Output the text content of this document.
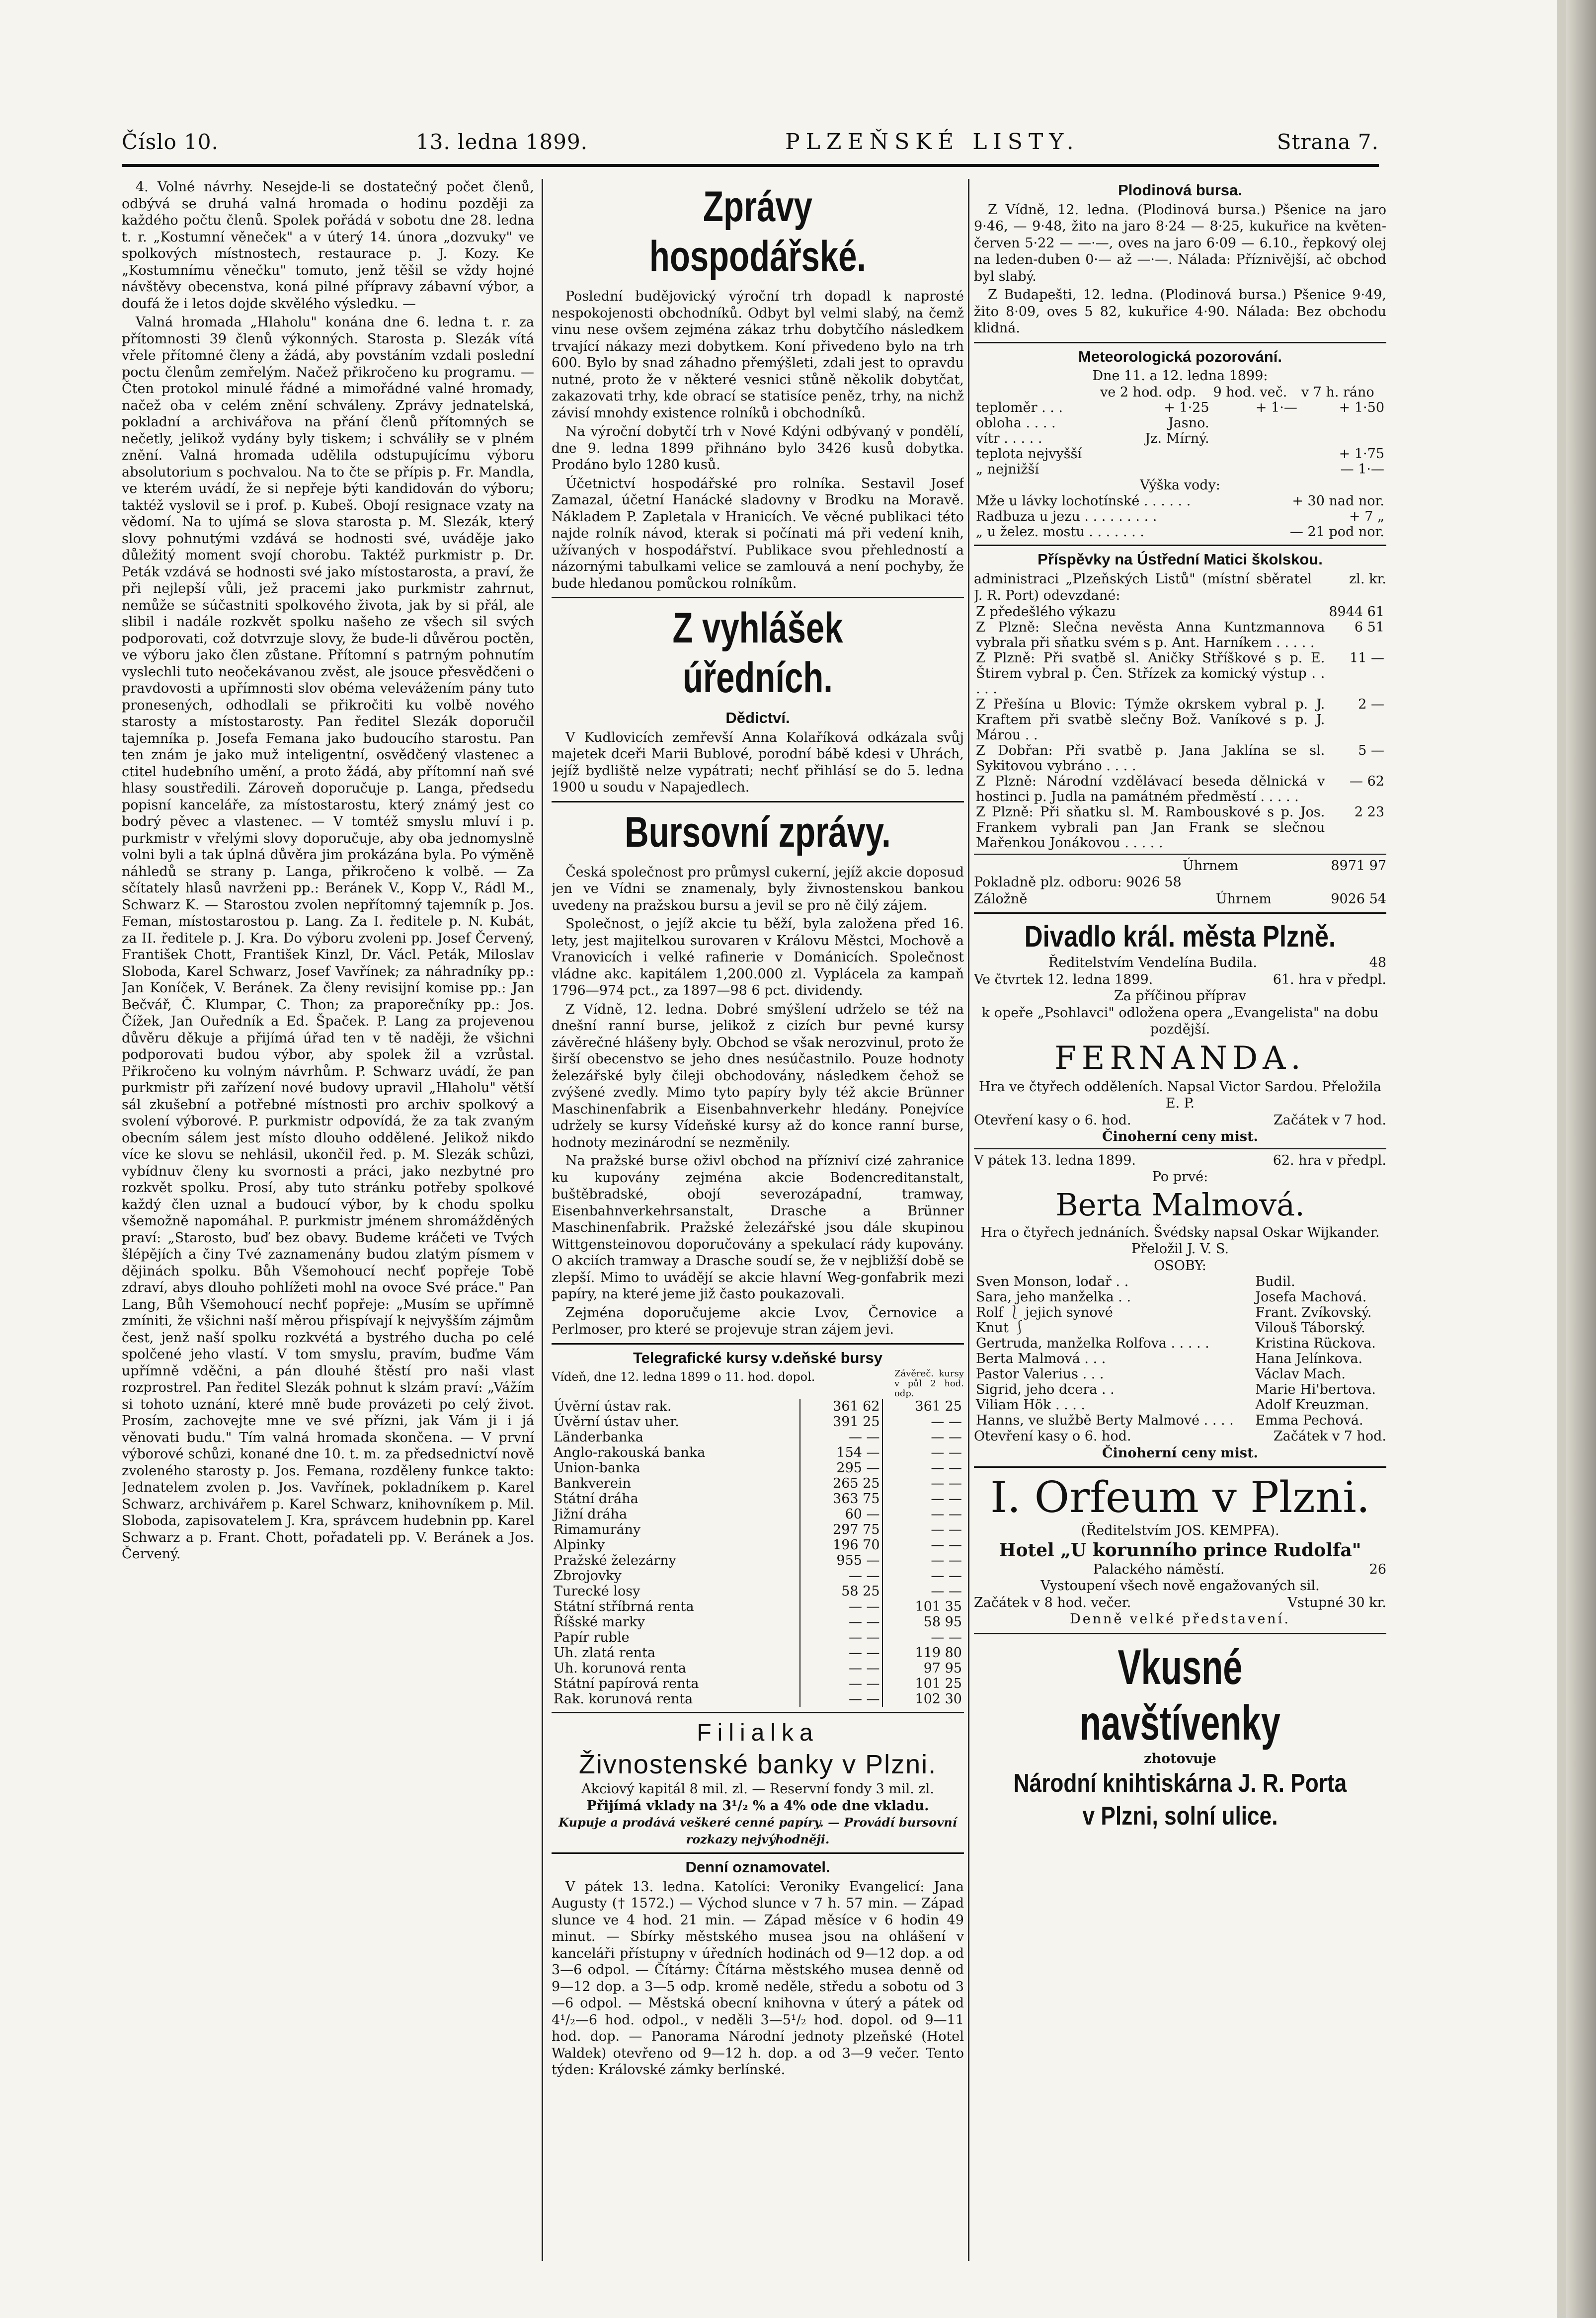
Číslo 10.	13. ledna 1899.	PLZEŇSKÉ LISTY.	Strana 7.

4. Volné návrhy. Nesejde-li se dostatečný počet členů, odbývá se druhá valná hromada o hodinu později za každého počtu členů. Spolek pořádá v sobotu dne 28. ledna t. r. „Kostumní věneček" a v úterý 14. února „dozvuky" ve spolkových místnostech, restaurace p. J. Kozy. Ke „Kostumnímu věnečku" tomuto, jenž těšil se vždy hojné návštěvy obecenstva, koná pilné přípravy zábavní výbor, a doufá že i letos dojde skvělého výsledku. —

Valná hromada „Hlaholu" konána dne 6. ledna t. r. za přítomnosti 39 členů výkonných. Starosta p. Slezák vítá vřele přítomné členy a žádá, aby povstáním vzdali poslední poctu členům zemřelým. Načež přikročeno ku programu. — Čten protokol minulé řádné a mimořádné valné hromady, načež oba v celém znění schváleny. Zprávy jednatelská, pokladní a archivářova na přání členů přítomných se nečetly, jelikož vydány byly tiskem; i schváliły se v plném znění. Valná hromada udělila odstupujícímu výboru absolutorium s pochvalou. Na to čte se přípis p. Fr. Mandla, ve kterém uvádí, že si nepřeje býti kandidován do výboru; taktéž vyslovil se i prof. p. Kubeš. Obojí resignace vzaty na vědomí. Na to ujímá se slova starosta p. M. Slezák, který slovy pohnutými vzdává se hodnosti své, uváděje jako důležitý moment svojí chorobu. Taktéž purkmistr p. Dr. Peták vzdává se hodnosti své jako místostarosta, a praví, že při nejlepší vůli, jež pracemi jako purkmistr zahrnut, nemůže se súčastniti spolkového života, jak by si přál, ale slibil i nadále rozkvět spolku našeho ze všech sil svých podporovati, což dotvrzuje slovy, že bude-li důvěrou poctěn, ve výboru jako člen zůstane. Přítomní s patrným pohnutím vyslechli tuto neočekávanou zvěst, ale jsouce přesvědčeni o pravdovosti a upřímnosti slov obéma velevážením pány tuto pronesených, odhodlali se přikročiti ku volbě nového starosty a místostarosty. Pan ředitel Slezák doporučil tajemníka p. Josefa Femana jako budoucího starostu. Pan ten znám je jako muž inteligentní, osvědčený vlastenec a ctitel hudebního umění, a proto žádá, aby přítomní naň své hlasy soustředili. Zároveň doporučuje p. Langa, předsedu popisní kanceláře, za místostarostu, který známý jest co bodrý pěvec a vlastenec. — V tomtéž smyslu mluví i p. purkmistr v vřelými slovy doporučuje, aby oba jednomyslně volni byli a tak úplná důvěra jim prokázána byla. Po výměně náhledů se strany p. Langa, přikročeno k volbě. — Za sčítately hlasů navrženi pp.: Beránek V., Kopp V., Rádl M., Schwarz K. — Starostou zvolen nepřítomný tajemník p. Jos. Feman, místostarostou p. Lang. Za I. ředitele p. N. Kubát, za II. ředitele p. J. Kra. Do výboru zvoleni pp. Josef Červený, František Chott, František Kinzl, Dr. Václ. Peták, Miloslav Sloboda, Karel Schwarz, Josef Vavřínek; za náhradníky pp.: Jan Koníček, V. Beránek. Za členy revisijní komise pp.: Jan Bečvář, Č. Klumpar, C. Thon; za praporečníky pp.: Jos. Čížek, Jan Ouředník a Ed. Špaček. P. Lang za projevenou důvěru děkuje a přijímá úřad ten v tě naději, že všichni podporovati budou výbor, aby spolek žil a vzrůstal. Přikročeno ku volným návrhům. P. Schwarz uvádí, že pan purkmistr při zařízení nové budovy upravil „Hlaholu" větší sál zkušební a potřebné místnosti pro archiv spolkový a svolení výborové. P. purkmistr odpovídá, že za tak zvaným obecním sálem jest místo dlouho oddělené. Jelikož nikdo více ke slovu se nehlásil, ukončil řed. p. M. Slezák schůzi, vybídnuv členy ku svornosti a práci, jako nezbytné pro rozkvět spolku. Prosí, aby tuto stránku potřeby spolkové každý člen uznal a budoucí výbor, by k chodu spolku všemožně napomáhal. P. purkmistr jménem shromážděných praví: „Starosto, buď bez obavy. Budeme kráčeti ve Tvých šlépějích a činy Tvé zaznamenány budou zlatým písmem v dějinách spolku. Bůh Všemohoucí nechť popřeje Tobě zdraví, abys dlouho pohlížeti mohl na ovoce Své práce." Pan Lang, Bůh Všemohoucí nechť popřeje: „Musím se upřímně zmíniti, že všichni naší měrou přispívají k nejvyšším zájmům čest, jenž naší spolku rozkvétá a bystrého ducha po celé spolčené jeho vlastí. V tom smyslu, pravím, buďme Vám upřímně vděčni, a pán dlouhé štěstí pro naši vlast rozprostrel. Pan ředitel Slezák pohnut k slzám praví: „Vážím si tohoto uznání, které mně bude provázeti po celý život. Prosím, zachovejte mne ve své přízni, jak Vám ji i já věnovati budu." Tím valná hromada skončena. — V první výborové schůzi, konané dne 10. t. m. za předsednictví nově zvoleného starosty p. Jos. Femana, rozděleny funkce takto: Jednatelem zvolen p. Jos. Vavřínek, pokladníkem p. Karel Schwarz, archivářem p. Karel Schwarz, knihovníkem p. Mil. Sloboda, zapisovatelem J. Kra, správcem hudebnin pp. Karel Schwarz a p. Frant. Chott, pořadateli pp. V. Beránek a Jos. Červený.

Zprávy hospodářské.

Poslední budějovický výroční trh dopadl k naprosté nespokojenosti obchodníků. Odbyt byl velmi slabý, na čemž vinu nese ovšem zejména zákaz trhu dobytčího následkem trvající nákazy mezi dobytkem. Koní přivedeno bylo na trh 600. Bylo by snad záhadno přemýšleti, zdali jest to opravdu nutné, proto že v některé vesnici stůně několik dobytčat, zakazovati trhy, kde obrací se statisíce peněz, trhy, na nichž závisí mnohdy existence rolníků i obchodníků.

Na výroční dobytčí trh v Nové Kdýni odbývaný v pondělí, dne 9. ledna 1899 přihnáno bylo 3426 kusů dobytka. Prodáno bylo 1280 kusů.

Účetnictví hospodářské pro rolníka. Sestavil Josef Zamazal, účetní Hanácké sladovny v Brodku na Moravě. Nákladem P. Zapletala v Hranicích. Ve věcné publikaci této najde rolník návod, kterak si počínati má při vedení knih, užívaných v hospodářství. Publikace svou přehledností a názornými tabulkami velice se zamlouvá a není pochyby, že bude hledanou pomůckou rolníkům.

Z vyhlášek úředních.
Dědictví.

V Kudlovicích zemřevší Anna Kolaříková odkázala svůj majetek dceři Marii Bublové, porodní bábě kdesi v Uhrách, jejíž bydliště nelze vypátrati; nechť přihlásí se do 5. ledna 1900 u soudu v Napajedlech.

Bursovní zprávy.

Česká společnost pro průmysl cukerní, jejíž akcie doposud jen ve Vídni se znamenaly, byly živnostenskou bankou uvedeny na pražskou bursu a jevil se pro ně čilý zájem.

Společnost, o jejíž akcie tu běží, byla založena před 16. lety, jest majitelkou surovaren v Královu Městci, Mochově a Vranovicích i velké rafinerie v Dománicích. Společnost vládne akc. kapitálem 1,200.000 zl. Vyplácela za kampaň 1796—974 pct., za 1897—98 6 pct. dividendy.

Z Vídně, 12. ledna. Dobré smýšlení udrželo se též na dnešní ranní burse, jelikož z cizích bur pevné kursy závěrečné hlášeny byly. Obchod se však nerozvinul, proto že širší obecenstvo se jeho dnes nesúčastnilo. Pouze hodnoty železářské byly čileji obchodovány, následkem čehož se zvýšené zvedly. Mimo tyto papíry byly též akcie Brünner Maschinenfabrik a Eisenbahnverkehr hledány. Ponejvíce udržely se kursy Vídeňské kursy až do konce ranní burse, hodnoty mezinárodní se nezměnily.

Na pražské burse oživl obchod na přízniví cizé zahranice ku kupovány zejména akcie Bodencreditanstalt, buštěbradské, obojí severozápadní, tramway, Eisenbahnverkehrsanstalt, Drasche a Brünner Maschinenfabrik. Pražské železářské jsou dále skupinou Wittgensteinovou doporučovány a spekulací rády kupovány. O akciích tramway a Drasche soudí se, že v nejbližší době se zlepší. Mimo to uvádějí se akcie hlavní Weg-gonfabrik mezi papíry, na které jeme již často poukazovali.

Zejména doporučujeme akcie Lvov, Černovice a Perlmoser, pro které se projevuje stran zájem jevi.

Telegrafické kursy v.deňské bursy
Vídeň, dne 12. ledna 1899 o 11. hod. dopol.	Závěreč. kursy v půl 2 hod. odp.
Úvěrní ústav rak.	361 62	361 25
Úvěrní ústav uher.	391 25	— —
Länderbanka	— —	— —
Anglo-rakouská banka	154 —	— —
Union-banka	295 —	— —
Bankverein	265 25	— —
Státní dráha	363 75	— —
Jižní dráha	60 —	— —
Rimamurány	297 75	— —
Alpinky	196 70	— —
Pražské železárny	955 —	— —
Zbrojovky	— —	— —
Turecké losy	58 25	— —
Státní stříbrná renta	— —	101 35
Říšské marky	— —	58 95
Papír ruble	— —	— —
Uh. zlatá renta	— —	119 80
Uh. korunová renta	— —	97 95
Státní papírová renta	— —	101 25
Rak. korunová renta	— —	102 30
Filialka
Živnostenské banky v Plzni.
Akciový kapitál 8 mil. zl. — Reservní fondy 3 mil. zl.
Přijímá vklady na 3¹/₂ % a 4% ode dne vkladu.
Kupuje a prodává veškeré cenné papíry. — Provádí bursovní rozkazy nejvýhodněji.
Denní oznamovatel.

V pátek 13. ledna. Katolíci: Veroniky Evangelicí: Jana Augusty († 1572.) — Východ slunce v 7 h. 57 min. — Západ slunce ve 4 hod. 21 min. — Západ měsíce v 6 hodin 49 minut. — Sbírky městského musea jsou na ohlášení v kanceláři přístupny v úředních hodinách od 9—12 dop. a od 3—6 odpol. — Čítárny: Čítárna městského musea denně od 9—12 dop. a 3—5 odp. kromě neděle, středu a sobotu od 3—6 odpol. — Městská obecní knihovna v úterý a pátek od 4¹/₂—6 hod. odpol., v neděli 3—5¹/₂ hod. dopol. od 9—11 hod. dop. — Panorama Národní jednoty plzeňské (Hotel Waldek) otevřeno od 9—12 h. dop. a od 3—9 večer. Tento týden: Královské zámky berlínské.

Plodinová bursa.

Z Vídně, 12. ledna. (Plodinová bursa.) Pšenice na jaro 9·46, — 9·48, žito na jaro 8·24 — 8·25, kukuřice na květen-červen 5·22 — —·—, oves na jaro 6·09 — 6.10., řepkový olej na leden-duben 0·— až —·—. Nálada: Příznivější, ač obchod byl slabý.

Z Budapešti, 12. ledna. (Plodinová bursa.) Pšenice 9·49, žito 8·09, oves 5 82, kukuřice 4·90. Nálada: Bez obchodu klidná.

Meteorologická pozorování.
Dne 11. a 12. ledna 1899:
	ve 2 hod. odp.	9 hod. več.	v 7 h. ráno
teploměr . . .	+ 1·25	+ 1·—	+ 1·50
obloha . . . .	Jasno.		
vítr . . . . .	Jz. Mírný.		
teplota nejvyšší			+ 1·75
„ nejnižší			— 1·—
Výška vody:
Mže u lávky lochotínské . . . . . .	+ 30 nad nor.
Radbuza u jezu . . . . . . . . .	+ 7 „
„ u želez. mostu . . . . . . .	— 21 pod nor.
Příspěvky na Ústřední Matici školskou.
administraci „Plzeňských Listů" (místní sběratel J. R. Port) odevzdané:
zl. kr.
Z předešlého výkazu	8944 61
Z Plzně: Slečna nevěsta Anna Kuntzmannova vybrala při sňatku svém s p. Ant. Harníkem . . . . .	6 51
Z Plzně: Při svatbě sl. Aničky Stříškové s p. E. Štirem vybral p. Čen. Střízek za komický výstup . . . . .	11 —
Z Přešína u Blovic: Týmže okrskem vybral p. J. Kraftem při svatbě slečny Bož. Vaníkové s p. J. Márou . .	2 —
Z Dobřan: Při svatbě p. Jana Jaklína se sl. Sykitovou vybráno . . . .	5 —
Z Plzně: Národní vzdělávací beseda dělnická v hostinci p. Judla na památném předměstí . . . . .	— 62
Z Plzně: Při sňatku sl. M. Rambouskové s p. Jos. Frankem vybrali pan Jan Frank se slečnou Mařenkou Jonákovou . . . . .	2 23
Úhrnem	8971 97
Pokladně plz. odboru: 9026 58
Záložně	Úhrnem	9026 54
Divadlo král. města Plzně.
Ředitelstvím Vendelína Budila.	48
Ve čtvrtek 12. ledna 1899.	61. hra v předpl.
Za příčinou příprav
k opeře „Psohlavci" odložena opera „Evangelista" na dobu pozdější.
FERNANDA.
Hra ve čtyřech odděleních. Napsal Victor Sardou. Přeložila E. P.
Otevření kasy o 6. hod.	Začátek v 7 hod.
Činoherní ceny mist.
V pátek 13. ledna 1899.	62. hra v předpl.
Po prvé:
Berta Malmová.
Hra o čtyřech jednáních. Švédsky napsal Oskar Wijkander. Přeložil J. V. S.
OSOBY:
Sven Monson, lodař . .	Budil.
Sara, jeho manželka . .	Josefa Machová.
Rolf ⎱ jejich synové	Frant. Zvíkovský.
Knut ⎰	Vilouš Táborský.
Gertruda, manželka Rolfova . . . . .	Kristina Rückova.
Berta Malmová . . .	Hana Jelínkova.
Pastor Valerius . . .	Václav Mach.
Sigrid, jeho dcera . .	Marie Hi'bertova.
Viliam Hök . . . .	Adolf Kreuzman.
Hanns, ve službě Berty Malmové . . . .	Emma Pechová.
Otevření kasy o 6. hod.	Začátek v 7 hod.
Činoherní ceny mist.
I. Orfeum v Plzni.
(Ředitelstvím JOS. KEMPFA).
Hotel „U korunního prince Rudolfa"
Palackého náměstí.	26
Vystoupení všech nově engažovaných sil.
Začátek v 8 hod. večer.	Vstupné 30 kr.
Denně velké představení.
Vkusné navštívenky
zhotovuje
Národní knihtiskárna J. R. Porta
v Plzni, solní ulice.
